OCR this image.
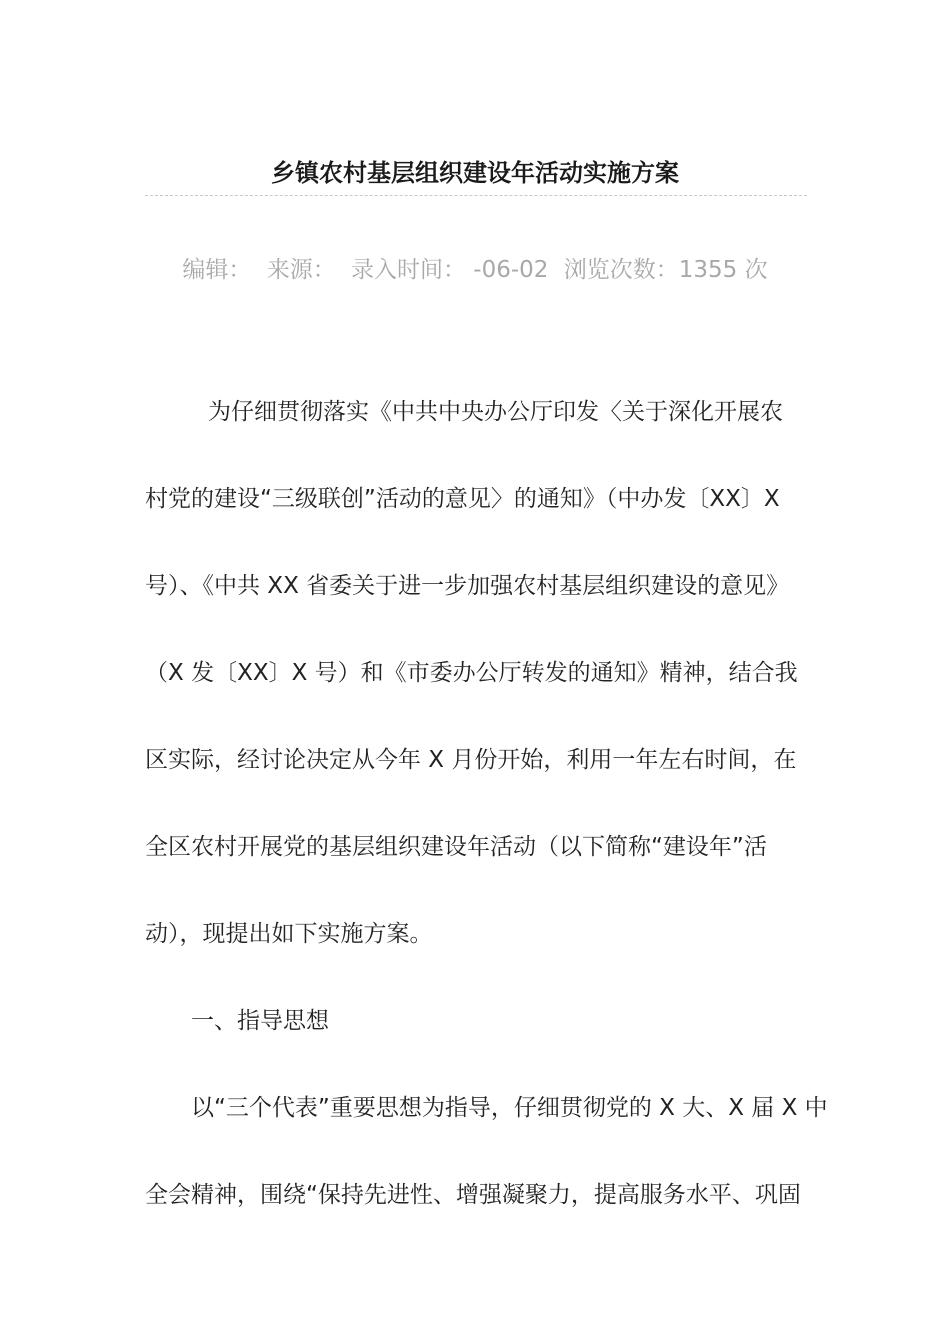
乡镇农村基层组织建设年活动实施方案
编辑： 来源： 录入时间： -06-02 浏览次数：1355 次
为仔细贯彻落实《中共中央办公厅印发〈关于深化开展农
村党的建设“三级联创”活动的意见〉的通知》（中办发〔XX〕X
号）、《中共 XX 省委关于进一步加强农村基层组织建设的意见》
（X 发〔XX〕X 号）和《市委办公厅转发的通知》精神，结合我
区实际，经讨论决定从今年 X 月份开始，利用一年左右时间，在
全区农村开展党的基层组织建设年活动（以下简称“建设年”活
动），现提出如下实施方案。
一、指导思想
以“三个代表”重要思想为指导，仔细贯彻党的 X 大、X 届 X 中
全会精神，围绕“保持先进性、增强凝聚力，提高服务水平、巩固
